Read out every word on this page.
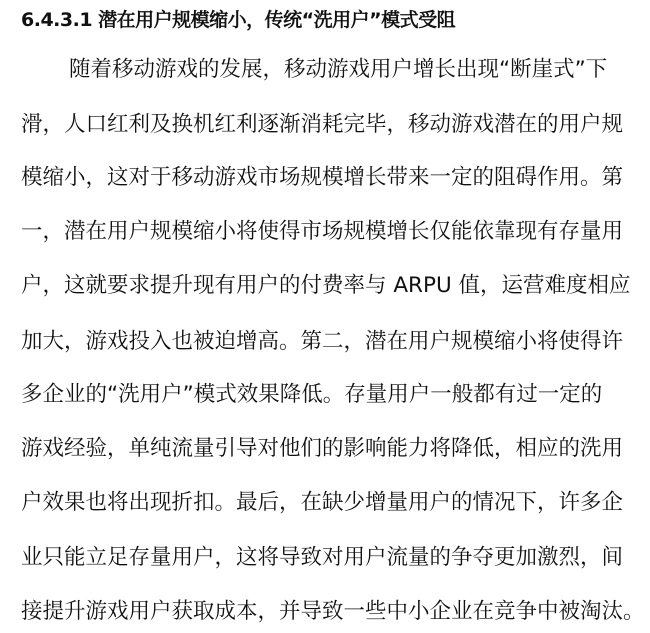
6.4.3.1 潜在用户规模缩小，传统“洗用户”模式受阻
随着移动游戏的发展，移动游戏用户增长出现“断崖式”下
滑，人口红利及换机红利逐渐消耗完毕，移动游戏潜在的用户规
模缩小，这对于移动游戏市场规模增长带来一定的阻碍作用。第
一，潜在用户规模缩小将使得市场规模增长仅能依靠现有存量用
户，这就要求提升现有用户的付费率与 ARPU 值，运营难度相应
加大，游戏投入也被迫增高。第二，潜在用户规模缩小将使得许
多企业的“洗用户”模式效果降低。存量用户一般都有过一定的
游戏经验，单纯流量引导对他们的影响能力将降低，相应的洗用
户效果也将出现折扣。最后，在缺少增量用户的情况下，许多企
业只能立足存量用户，这将导致对用户流量的争夺更加激烈，间
接提升游戏用户获取成本，并导致一些中小企业在竞争中被淘汰。
